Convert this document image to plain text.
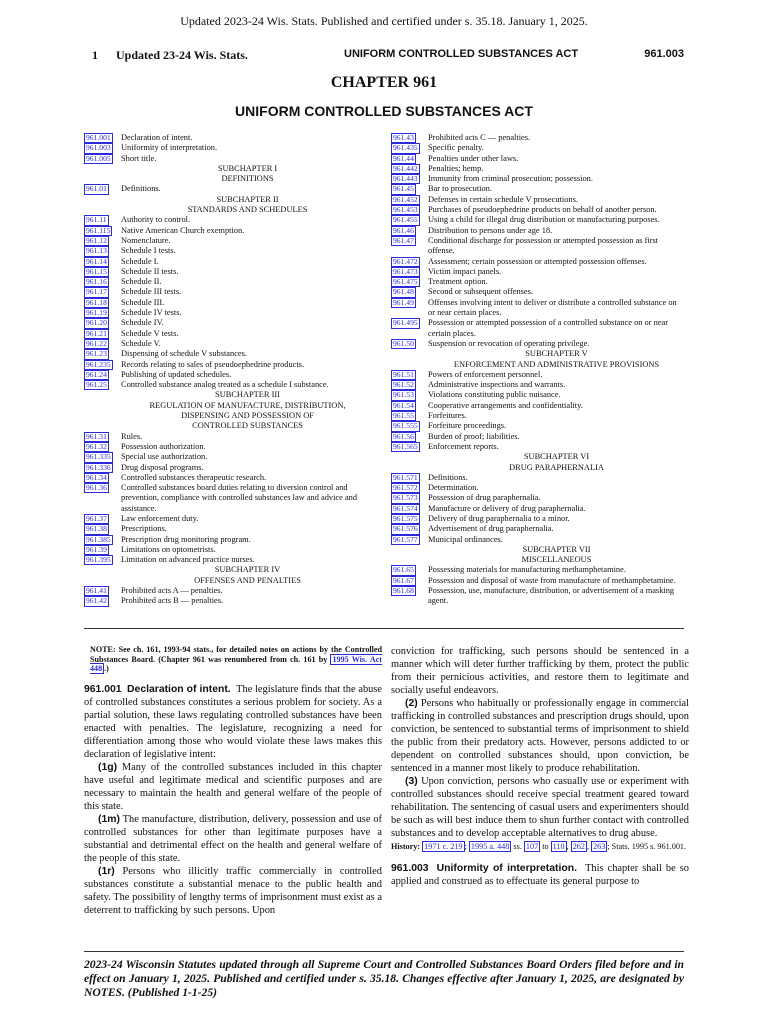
Updated 2023-24 Wis. Stats. Published and certified under s. 35.18. January 1, 2025.
1 Updated 23-24 Wis. Stats.	UNIFORM CONTROLLED SUBSTANCES ACT	961.003
CHAPTER 961
UNIFORM CONTROLLED SUBSTANCES ACT
961.001 Declaration of intent.
961.003 Uniformity of interpretation.
961.005 Short title.
SUBCHAPTER I
DEFINITIONS
961.01 Definitions.
SUBCHAPTER II
STANDARDS AND SCHEDULES
961.11 Authority to control.
961.115 Native American Church exemption.
961.12 Nomenclature.
961.13 Schedule I tests.
961.14 Schedule I.
961.15 Schedule II tests.
961.16 Schedule II.
961.17 Schedule III tests.
961.18 Schedule III.
961.19 Schedule IV tests.
961.20 Schedule IV.
961.21 Schedule V tests.
961.22 Schedule V.
961.23 Dispensing of schedule V substances.
961.235 Records relating to sales of pseudoephedrine products.
961.24 Publishing of updated schedules.
961.25 Controlled substance analog treated as a schedule I substance.
SUBCHAPTER III
REGULATION OF MANUFACTURE, DISTRIBUTION,
DISPENSING AND POSSESSION OF
CONTROLLED SUBSTANCES
961.31 Rules.
961.32 Possession authorization.
961.335 Special use authorization.
961.336 Drug disposal programs.
961.34 Controlled substances therapeutic research.
961.36 Controlled substances board duties relating to diversion control and prevention, compliance with controlled substances law and advice and assistance.
961.37 Law enforcement duty.
961.38 Prescriptions.
961.385 Prescription drug monitoring program.
961.39 Limitations on optometrists.
961.395 Limitation on advanced practice nurses.
SUBCHAPTER IV
OFFENSES AND PENALTIES
961.41 Prohibited acts A — penalties.
961.42 Prohibited acts B — penalties.
961.43 Prohibited acts C — penalties.
961.435 Specific penalty.
961.44 Penalties under other laws.
961.442 Penalties; hemp.
961.443 Immunity from criminal prosecution; possession.
961.45 Bar to prosecution.
961.452 Defenses in certain schedule V prosecutions.
961.453 Purchases of pseudoephedrine products on behalf of another person.
961.455 Using a child for illegal drug distribution or manufacturing purposes.
961.46 Distribution to persons under age 18.
961.47 Conditional discharge for possession or attempted possession as first offense.
961.472 Assessment; certain possession or attempted possession offenses.
961.473 Victim impact panels.
961.475 Treatment option.
961.48 Second or subsequent offenses.
961.49 Offenses involving intent to deliver or distribute a controlled substance on or near certain places.
961.495 Possession or attempted possession of a controlled substance on or near certain places.
961.50 Suspension or revocation of operating privilege.
SUBCHAPTER V
ENFORCEMENT AND ADMINISTRATIVE PROVISIONS
961.51 Powers of enforcement personnel.
961.52 Administrative inspections and warrants.
961.53 Violations constituting public nuisance.
961.54 Cooperative arrangements and confidentiality.
961.55 Forfeitures.
961.555 Forfeiture proceedings.
961.56 Burden of proof; liabilities.
961.565 Enforcement reports.
SUBCHAPTER VI
DRUG PARAPHERNALIA
961.571 Definitions.
961.572 Determination.
961.573 Possession of drug paraphernalia.
961.574 Manufacture or delivery of drug paraphernalia.
961.575 Delivery of drug paraphernalia to a minor.
961.576 Advertisement of drug paraphernalia.
961.577 Municipal ordinances.
SUBCHAPTER VII
MISCELLANEOUS
961.65 Possessing materials for manufacturing methamphetamine.
961.67 Possession and disposal of waste from manufacture of methamphetamine.
961.68 Possession, use, manufacture, distribution, or advertisement of a masking agent.
NOTE: See ch. 161, 1993-94 stats., for detailed notes on actions by the Controlled Substances Board. (Chapter 961 was renumbered from ch. 161 by 1995 Wis. Act 448 .)

961.001 Declaration of intent. The legislature finds that the abuse of controlled substances constitutes a serious problem for society. As a partial solution, these laws regulating controlled substances have been enacted with penalties. The legislature, recognizing a need for differentiation among those who would violate these laws makes this declaration of legislative intent:

(1g) Many of the controlled substances included in this chapter have useful and legitimate medical and scientific purposes and are necessary to maintain the health and general welfare of the people of this state.

(1m) The manufacture, distribution, delivery, possession and use of controlled substances for other than legitimate purposes have a substantial and detrimental effect on the health and general welfare of the people of this state.

(1r) Persons who illicitly traffic commercially in controlled substances constitute a substantial menace to the public health and safety. The possibility of lengthy terms of imprisonment must exist as a deterrent to trafficking by such persons. Upon

conviction for trafficking, such persons should be sentenced in a manner which will deter further trafficking by them, protect the public from their pernicious activities, and restore them to legitimate and socially useful endeavors.

(2) Persons who habitually or professionally engage in commercial trafficking in controlled substances and prescription drugs should, upon conviction, be sentenced to substantial terms of imprisonment to shield the public from their predatory acts. However, persons addicted to or dependent on controlled substances should, upon conviction, be sentenced in a manner most likely to produce rehabilitation.

(3) Upon conviction, persons who casually use or experiment with controlled substances should receive special treatment geared toward rehabilitation. The sentencing of casual users and experimenters should be such as will best induce them to shun further contact with controlled substances and to develop acceptable alternatives to drug abuse.

History: 1971 c. 219 ; 1995 a. 448 ss. 107 to 110 , 262 , 263 ; Stats. 1995 s. 961.001.

961.003 Uniformity of interpretation. This chapter shall be so applied and construed as to effectuate its general purpose to

2023-24 Wisconsin Statutes updated through all Supreme Court and Controlled Substances Board Orders filed before and in effect on January 1, 2025. Published and certified under s. 35.18. Changes effective after January 1, 2025, are designated by NOTES. (Published 1-1-25)
